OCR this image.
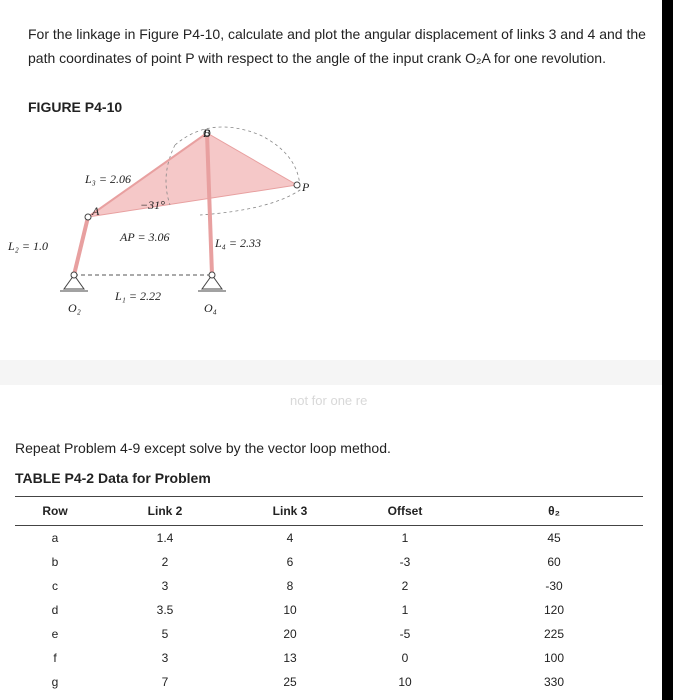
For the linkage in Figure P4-10, calculate and plot the angular displacement of links 3 and 4 and the path coordinates of point P with respect to the angle of the input crank O₂A for one revolution.
FIGURE P4-10
L₃ = 2.06
−31°
AP = 3.06	L₄ = 2.33
L₂ = 1.0
L₁ = 2.22
O₂	O₄
A
B
P
not for one re
Repeat Problem 4-9 except solve by the vector loop method.
TABLE P4-2 Data for Problem
Row	Link 2	Link 3	Offset	θ₂
a	1.4	4	1	45
b	2	6	-3	60
c	3	8	2	-30
d	3.5	10	1	120
e	5	20	-5	225
f	3	13	0	100
g	7	25	10	330
